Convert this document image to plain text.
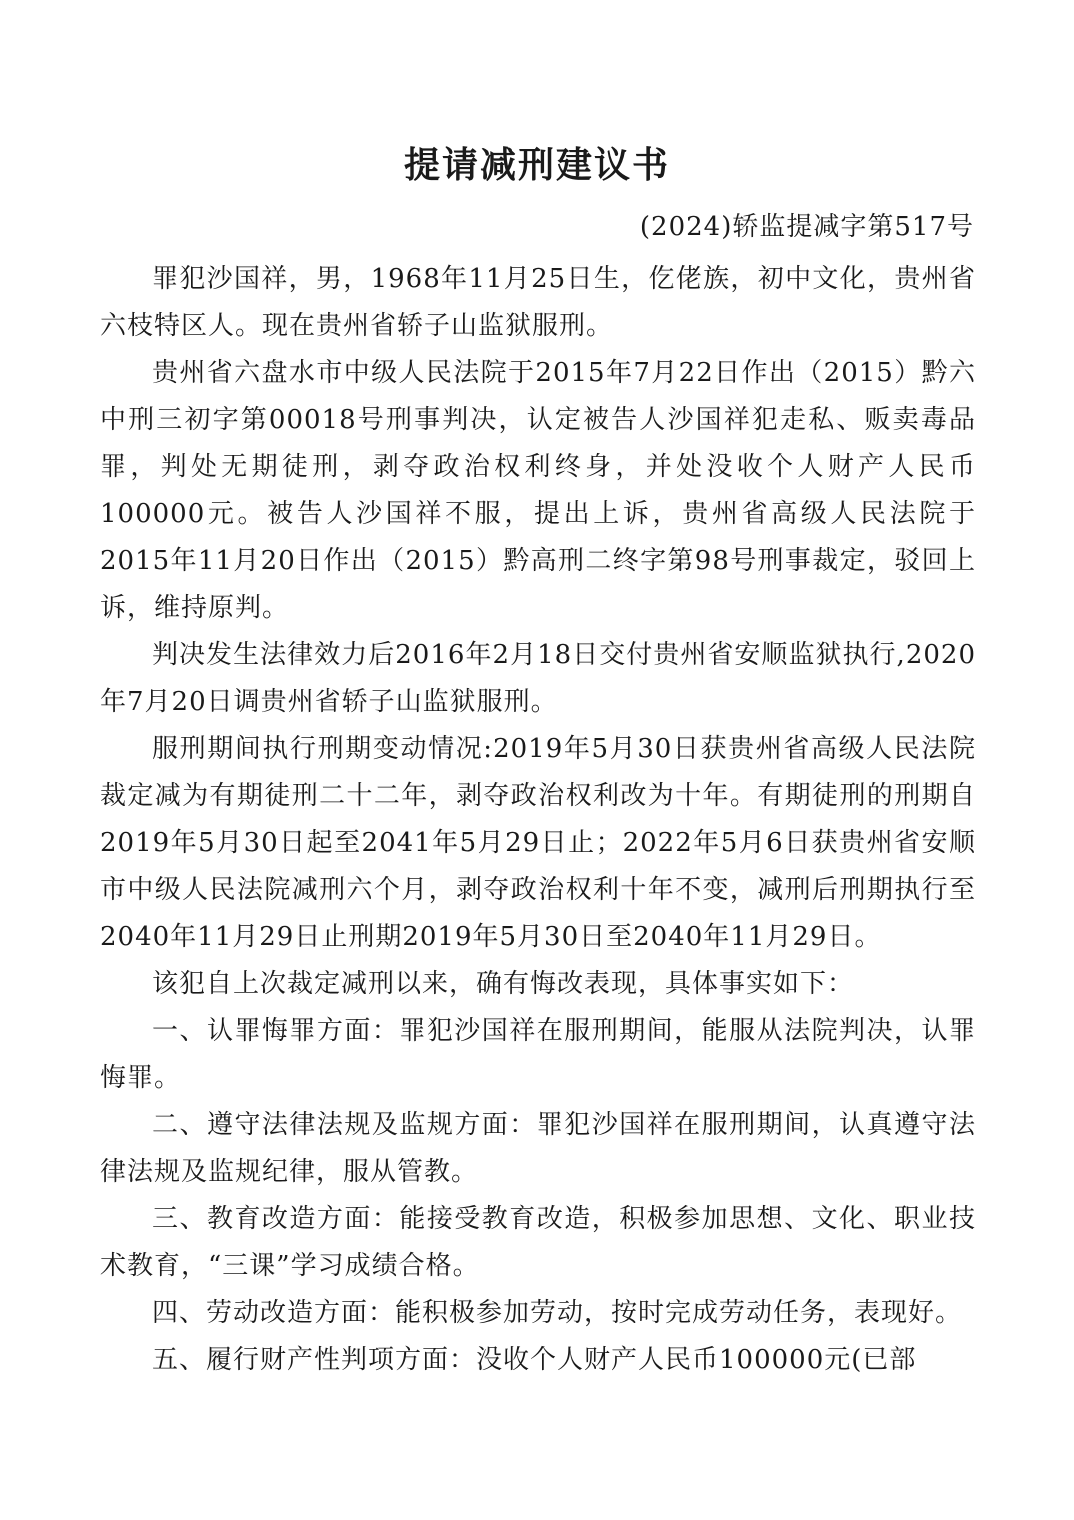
提请减刑建议书
(2024)轿监提减字第517号

罪犯沙国祥，男，1968年11月25日生，仡佬族，初中文化，贵州省六枝特区人。现在贵州省轿子山监狱服刑。

贵州省六盘水市中级人民法院于2015年7月22日作出（2015）黔六中刑三初字第00018号刑事判决，认定被告人沙国祥犯走私、贩卖毒品罪，判处无期徒刑，剥夺政治权利终身，并处没收个人财产人民币100000元。被告人沙国祥不服，提出上诉，贵州省高级人民法院于2015年11月20日作出（2015）黔高刑二终字第98号刑事裁定，驳回上诉，维持原判。

判决发生法律效力后2016年2月18日交付贵州省安顺监狱执行,2020年7月20日调贵州省轿子山监狱服刑。

服刑期间执行刑期变动情况:2019年5月30日获贵州省高级人民法院裁定减为有期徒刑二十二年，剥夺政治权利改为十年。有期徒刑的刑期自2019年5月30日起至2041年5月29日止；2022年5月6日获贵州省安顺市中级人民法院减刑六个月，剥夺政治权利十年不变，减刑后刑期执行至2040年11月29日止刑期2019年5月30日至2040年11月29日。

该犯自上次裁定减刑以来，确有悔改表现，具体事实如下：

一、认罪悔罪方面：罪犯沙国祥在服刑期间，能服从法院判决，认罪悔罪。

二、遵守法律法规及监规方面：罪犯沙国祥在服刑期间，认真遵守法律法规及监规纪律，服从管教。

三、教育改造方面：能接受教育改造，积极参加思想、文化、职业技术教育，“三课”学习成绩合格。

四、劳动改造方面：能积极参加劳动，按时完成劳动任务，表现好。

五、履行财产性判项方面：没收个人财产人民币100000元(已部
